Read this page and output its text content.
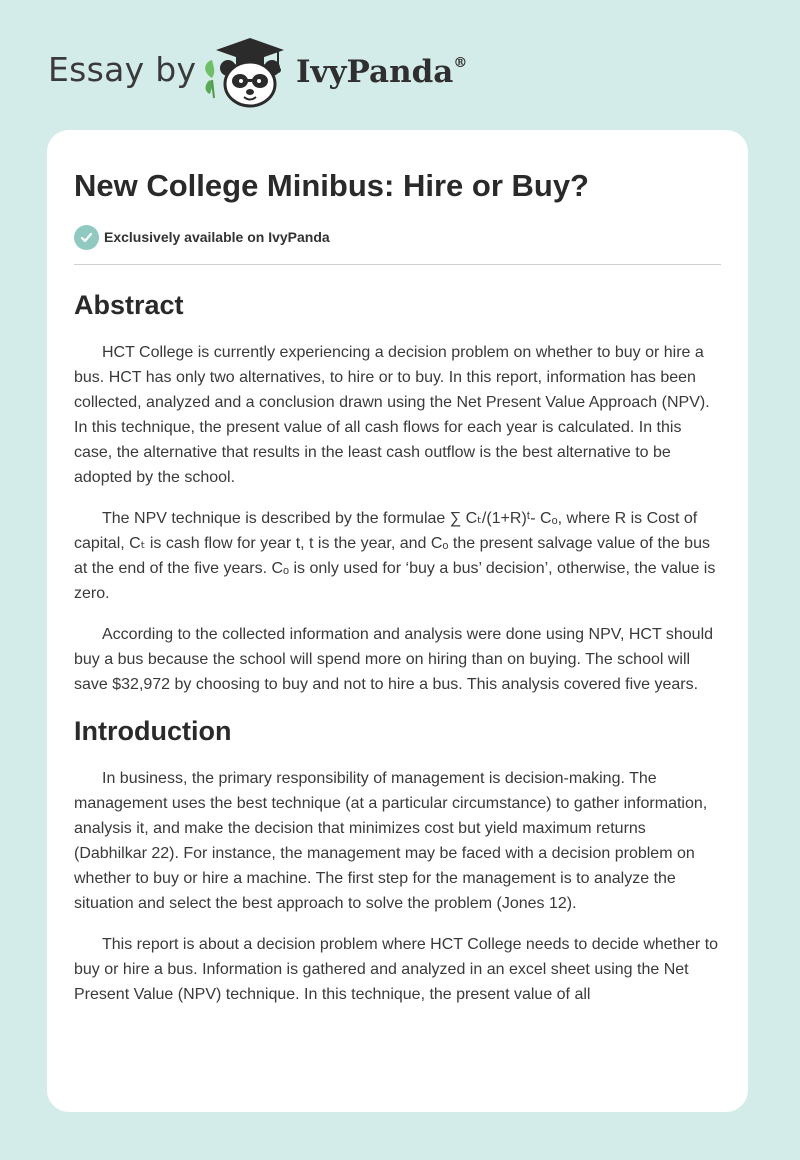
Essay by	IvyPanda®
New College Minibus: Hire or Buy?
Exclusively available on IvyPanda
Abstract

HCT College is currently experiencing a decision problem on whether to buy or hire a bus. HCT has only two alternatives, to hire or to buy. In this report, information has been collected, analyzed and a conclusion drawn using the Net Present Value Approach (NPV). In this technique, the present value of all cash flows for each year is calculated. In this case, the alternative that results in the least cash outflow is the best alternative to be adopted by the school.

The NPV technique is described by the formulae ∑ Cₜ/(1+R)ᵗ- Cₒ, where R is Cost of capital, Cₜ is cash flow for year t, t is the year, and Cₒ the present salvage value of the bus at the end of the five years. Cₒ is only used for ‘buy a bus’ decision’, otherwise, the value is zero.

According to the collected information and analysis were done using NPV, HCT should buy a bus because the school will spend more on hiring than on buying. The school will save $32,972 by choosing to buy and not to hire a bus. This analysis covered five years.

Introduction

In business, the primary responsibility of management is decision-making. The management uses the best technique (at a particular circumstance) to gather information, analysis it, and make the decision that minimizes cost but yield maximum returns (Dabhilkar 22). For instance, the management may be faced with a decision problem on whether to buy or hire a machine. The first step for the management is to analyze the situation and select the best approach to solve the problem (Jones 12).

This report is about a decision problem where HCT College needs to decide whether to buy or hire a bus. Information is gathered and analyzed in an excel sheet using the Net Present Value (NPV) technique. In this technique, the present value of all
